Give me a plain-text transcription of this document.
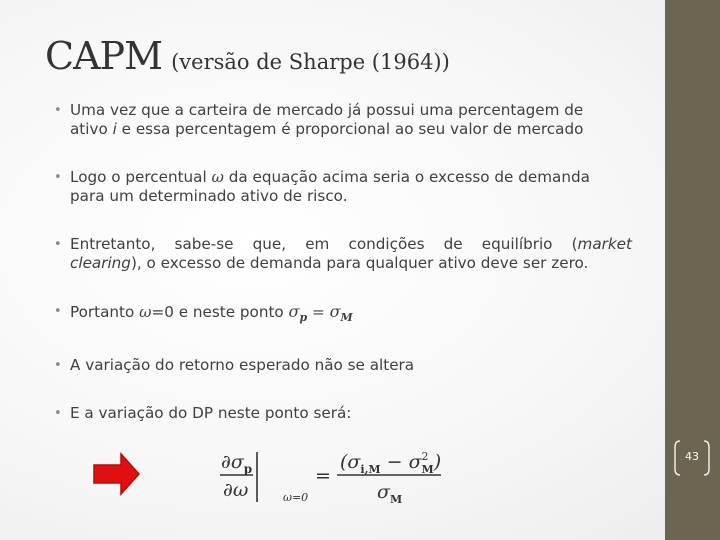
CAPM (versão de Sharpe (1964))
• Uma vez que a carteira de mercado já possui uma percentagem de
ativo i e essa percentagem é proporcional ao seu valor de mercado
• Logo o percentual ω da equação acima seria o excesso de demanda
para um determinado ativo de risco.
• Entretanto, sabe-se que, em condições de equilíbrio (market
clearing), o excesso de demanda para qualquer ativo deve ser zero.
• Portanto ω=0 e neste ponto $\sigma_p = \sigma_M$
• A variação do retorno esperado não se altera
• E a variação do DP neste ponto será:
$\partial\sigma_p$
∂ω	ω=0
=
($\sigma_{i,M} - \sigma^2$ M)
$\sigma_M$
43
